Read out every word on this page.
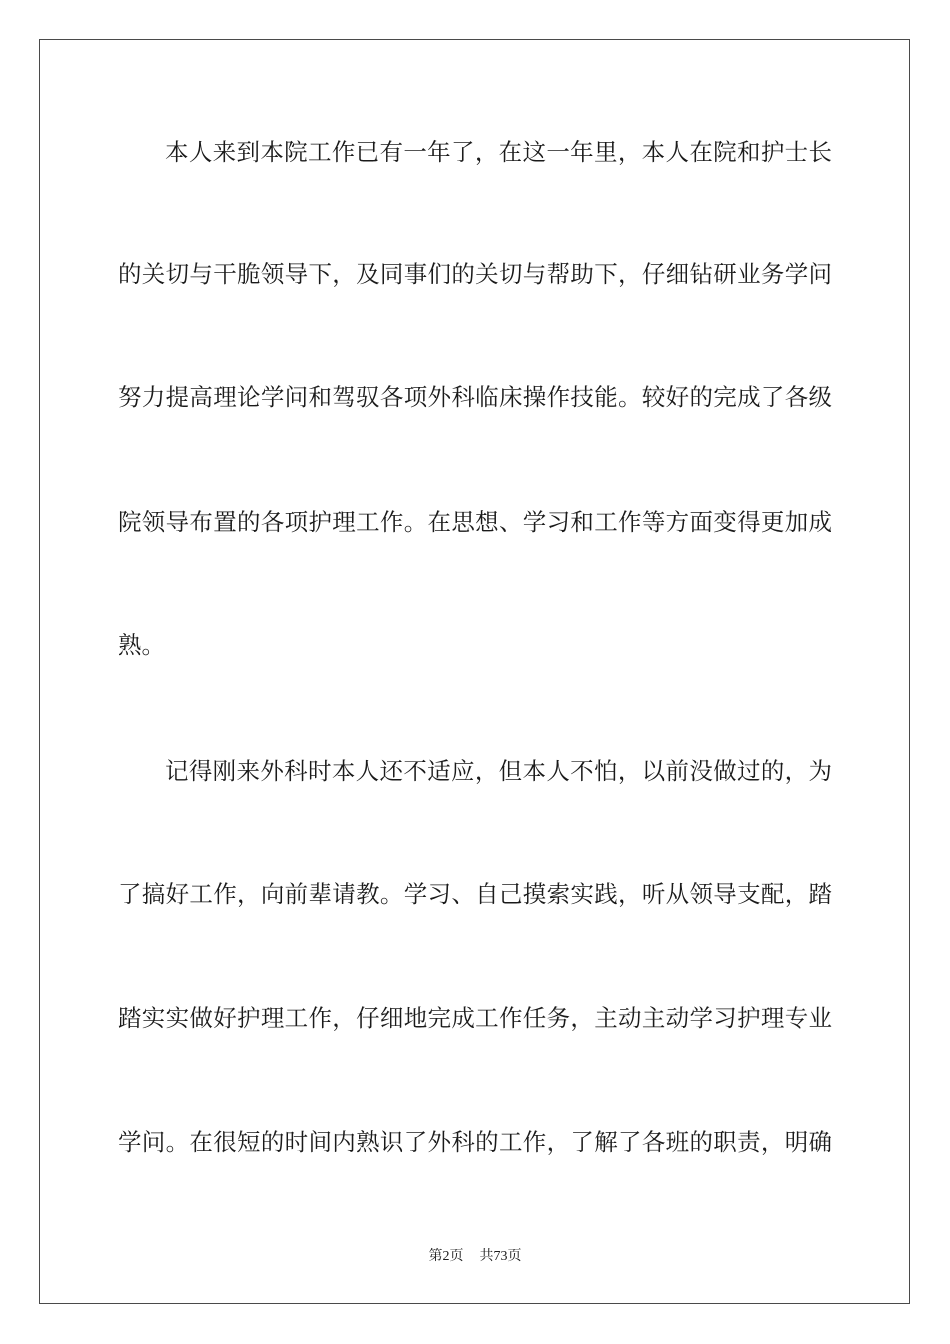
本人来到本院工作已有一年了，在这一年里，本人在院和护士长
的关切与干脆领导下，及同事们的关切与帮助下，仔细钻研业务学问
努力提高理论学问和驾驭各项外科临床操作技能。较好的完成了各级
院领导布置的各项护理工作。在思想、学习和工作等方面变得更加成
熟。
记得刚来外科时本人还不适应，但本人不怕，以前没做过的，为
了搞好工作，向前辈请教。学习、自己摸索实践，听从领导支配，踏
踏实实做好护理工作，仔细地完成工作任务，主动主动学习护理专业
学问。在很短的时间内熟识了外科的工作，了解了各班的职责，明确
第2页 共73页
